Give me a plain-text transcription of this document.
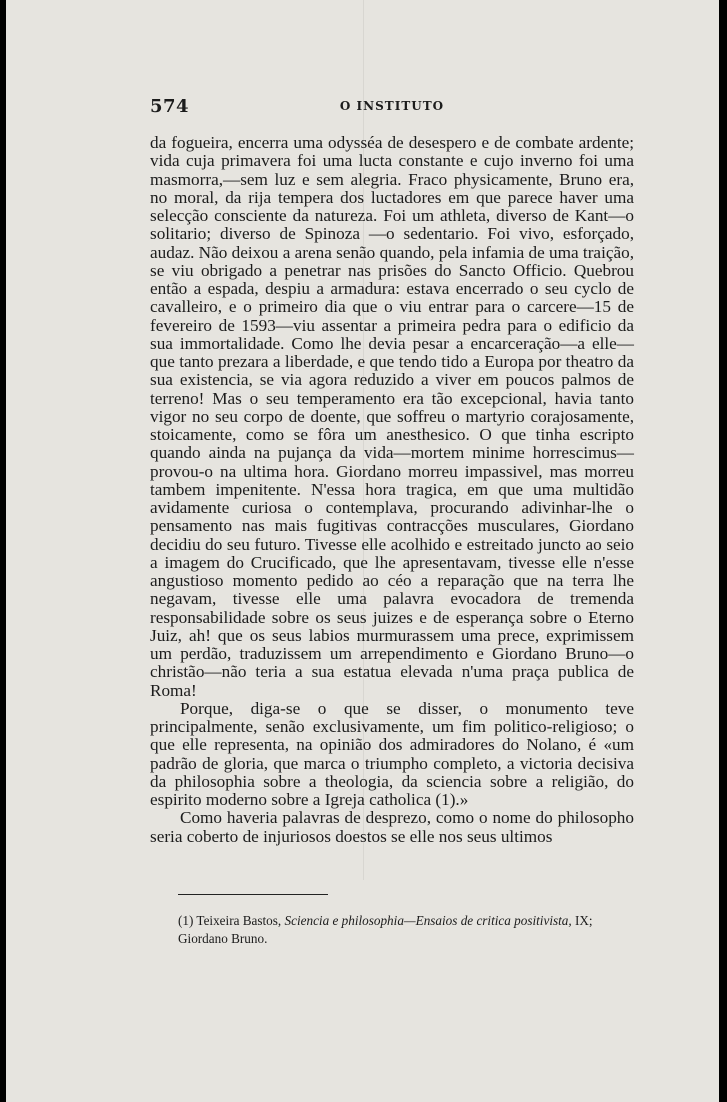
574	O INSTITUTO

da fogueira, encerra uma odysséa de desespero e de combate ardente; vida cuja primavera foi uma lucta constante e cujo inverno foi uma masmorra,—sem luz e sem alegria. Fraco physicamente, Bruno era, no moral, da rija tempera dos luctadores em que parece haver uma selecção consciente da natureza. Foi um athleta, diverso de Kant—o solitario; diverso de Spinoza —o sedentario. Foi vivo, esforçado, audaz. Não deixou a arena senão quando, pela infamia de uma traição, se viu obrigado a penetrar nas prisões do Sancto Officio. Quebrou então a espada, despiu a armadura: estava encerrado o seu cyclo de cavalleiro, e o primeiro dia que o viu entrar para o carcere—15 de fevereiro de 1593—viu assentar a primeira pedra para o edificio da sua immortalidade. Como lhe devia pesar a encarceração—a elle—que tanto prezara a liberdade, e que tendo tido a Europa por theatro da sua existencia, se via agora reduzido a viver em poucos palmos de terreno! Mas o seu temperamento era tão excepcional, havia tanto vigor no seu corpo de doente, que soffreu o martyrio corajosamente, stoicamente, como se fôra um anesthesico. O que tinha escripto quando ainda na pujança da vida—mortem minime horrescimus—provou-o na ultima hora. Giordano morreu impassivel, mas morreu tambem impenitente. N'essa hora tragica, em que uma multidão avidamente curiosa o contemplava, procurando adivinhar-lhe o pensamento nas mais fugitivas contracções musculares, Giordano decidiu do seu futuro. Tivesse elle acolhido e estreitado juncto ao seio a imagem do Crucificado, que lhe apresentavam, tivesse elle n'esse angustioso momento pedido ao céo a reparação que na terra lhe negavam, tivesse elle uma palavra evocadora de tremenda responsabilidade sobre os seus juizes e de esperança sobre o Eterno Juiz, ah! que os seus labios murmurassem uma prece, exprimissem um perdão, traduzissem um arrependimento e Giordano Bruno—o christão—não teria a sua estatua elevada n'uma praça publica de Roma!

Porque, diga-se o que se disser, o monumento teve principalmente, senão exclusivamente, um fim politico-religioso; o que elle representa, na opinião dos admiradores do Nolano, é «um padrão de gloria, que marca o triumpho completo, a victoria decisiva da philosophia sobre a theologia, da sciencia sobre a religião, do espirito moderno sobre a Igreja catholica (1).»

Como haveria palavras de desprezo, como o nome do philosopho seria coberto de injuriosos doestos se elle nos seus ultimos

(1) Teixeira Bastos, Sciencia e philosophia—Ensaios de critica positivista, IX; Giordano Bruno.
